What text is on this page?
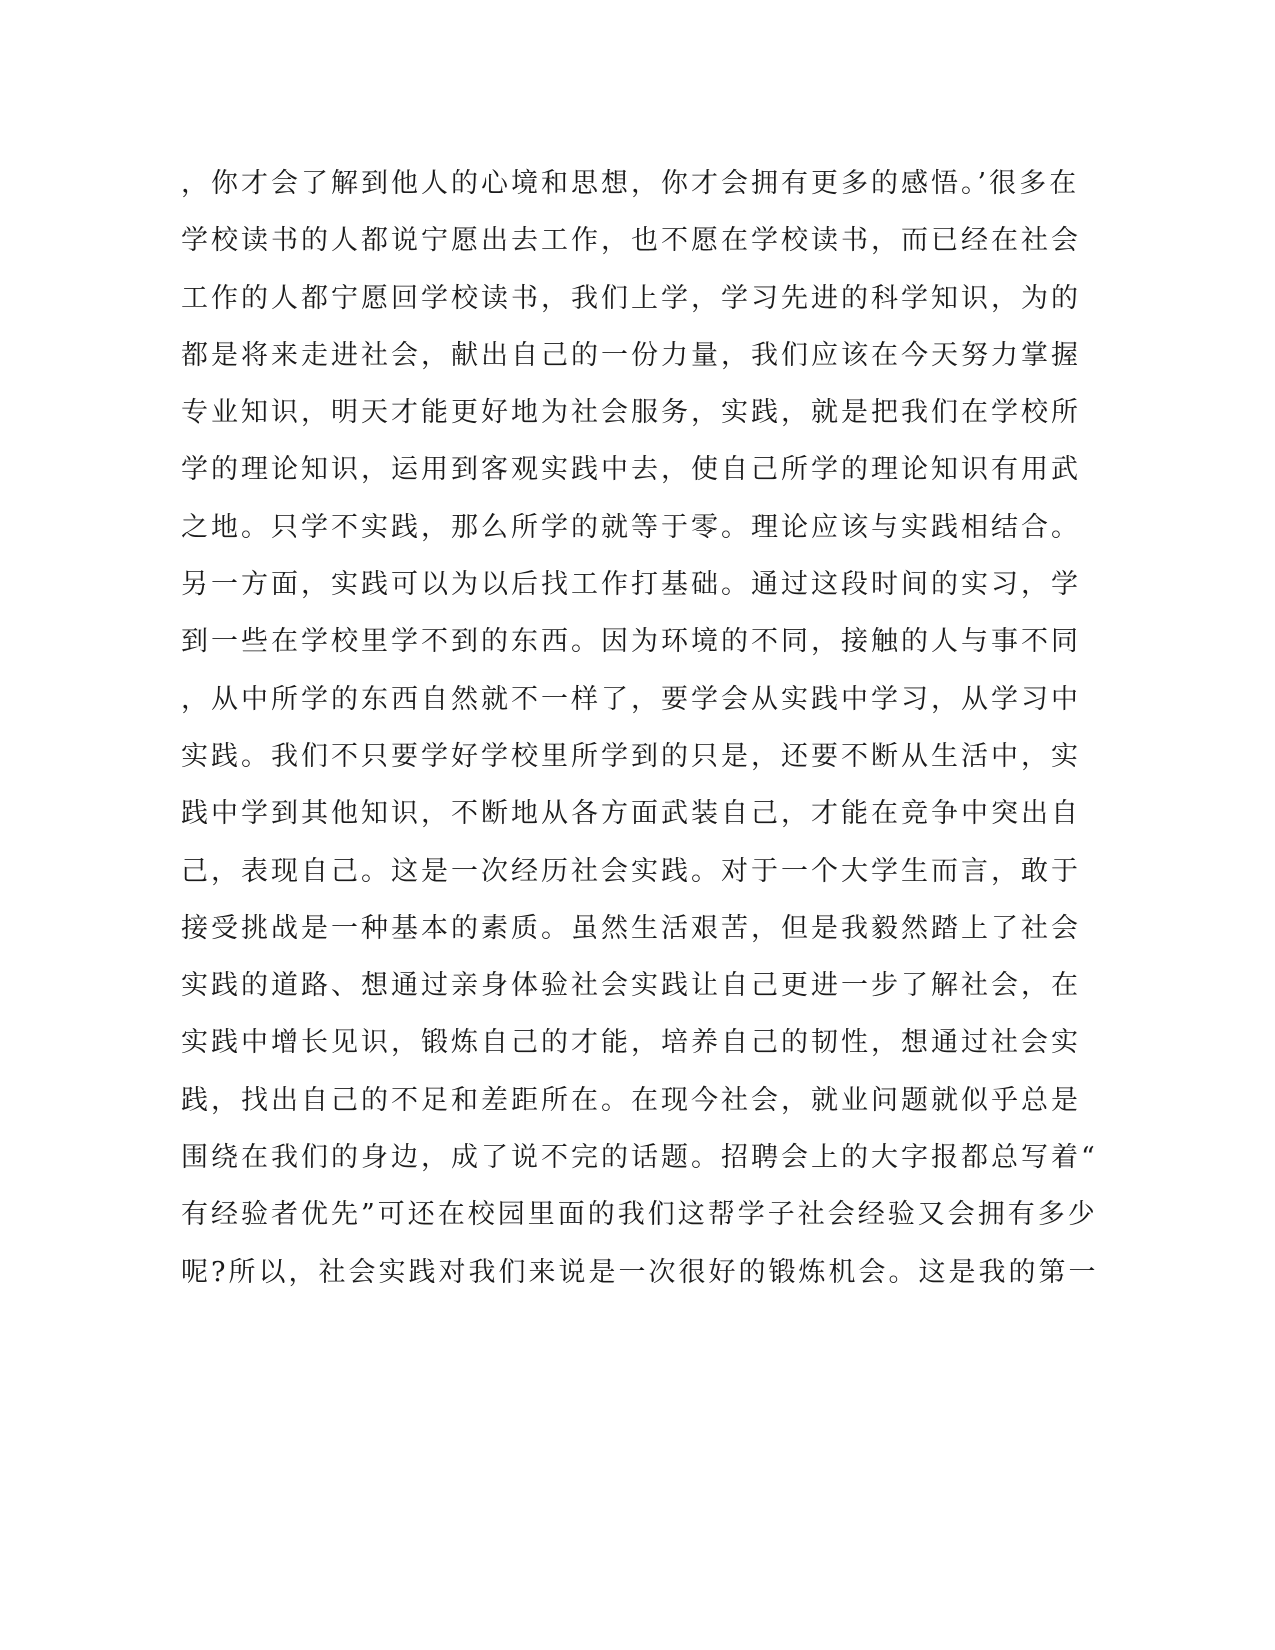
，你才会了解到他人的心境和思想，你才会拥有更多的感悟。’很多在
学校读书的人都说宁愿出去工作，也不愿在学校读书，而已经在社会
工作的人都宁愿回学校读书，我们上学，学习先进的科学知识，为的
都是将来走进社会，献出自己的一份力量，我们应该在今天努力掌握
专业知识，明天才能更好地为社会服务，实践，就是把我们在学校所
学的理论知识，运用到客观实践中去，使自己所学的理论知识有用武
之地。只学不实践，那么所学的就等于零。理论应该与实践相结合。
另一方面，实践可以为以后找工作打基础。通过这段时间的实习，学
到一些在学校里学不到的东西。因为环境的不同，接触的人与事不同
，从中所学的东西自然就不一样了，要学会从实践中学习，从学习中
实践。我们不只要学好学校里所学到的只是，还要不断从生活中，实
践中学到其他知识，不断地从各方面武装自己，才能在竞争中突出自
己，表现自己。这是一次经历社会实践。对于一个大学生而言，敢于
接受挑战是一种基本的素质。虽然生活艰苦，但是我毅然踏上了社会
实践的道路、想通过亲身体验社会实践让自己更进一步了解社会，在
实践中增长见识，锻炼自己的才能，培养自己的韧性，想通过社会实
践，找出自己的不足和差距所在。在现今社会，就业问题就似乎总是
围绕在我们的身边，成了说不完的话题。招聘会上的大字报都总写着“
有经验者优先”可还在校园里面的我们这帮学子社会经验又会拥有多少
呢?所以，社会实践对我们来说是一次很好的锻炼机会。这是我的第一
